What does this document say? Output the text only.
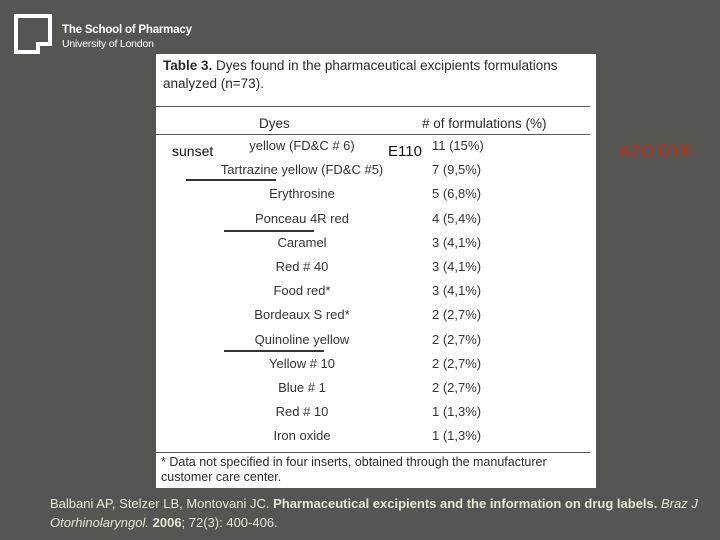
The School of Pharmacy
University of London
Table 3. Dyes found in the pharmaceutical excipients formulations analyzed (n=73).
Dyes	# of formulations (%)
yellow (FD&C # 6)	11 (15%)
Tartrazine yellow (FD&C #5)	7 (9,5%)
Erythrosine	5 (6,8%)
Ponceau 4R red	4 (5,4%)
Caramel	3 (4,1%)
Red # 40	3 (4,1%)
Food red*	3 (4,1%)
Bordeaux S red*	2 (2,7%)
Quinoline yellow	2 (2,7%)
Yellow # 10	2 (2,7%)
Blue # 1	2 (2,7%)
Red # 10	1 (1,3%)
Iron oxide	1 (1,3%)
* Data not specified in four inserts, obtained through the manufacturer customer care center.
sunset	E110	AZO DYE
Balbani AP, Stelzer LB, Montovani JC. Pharmaceutical excipients and the information on drug labels. Braz J Otorhinolaryngol. 2006; 72(3): 400-406.
